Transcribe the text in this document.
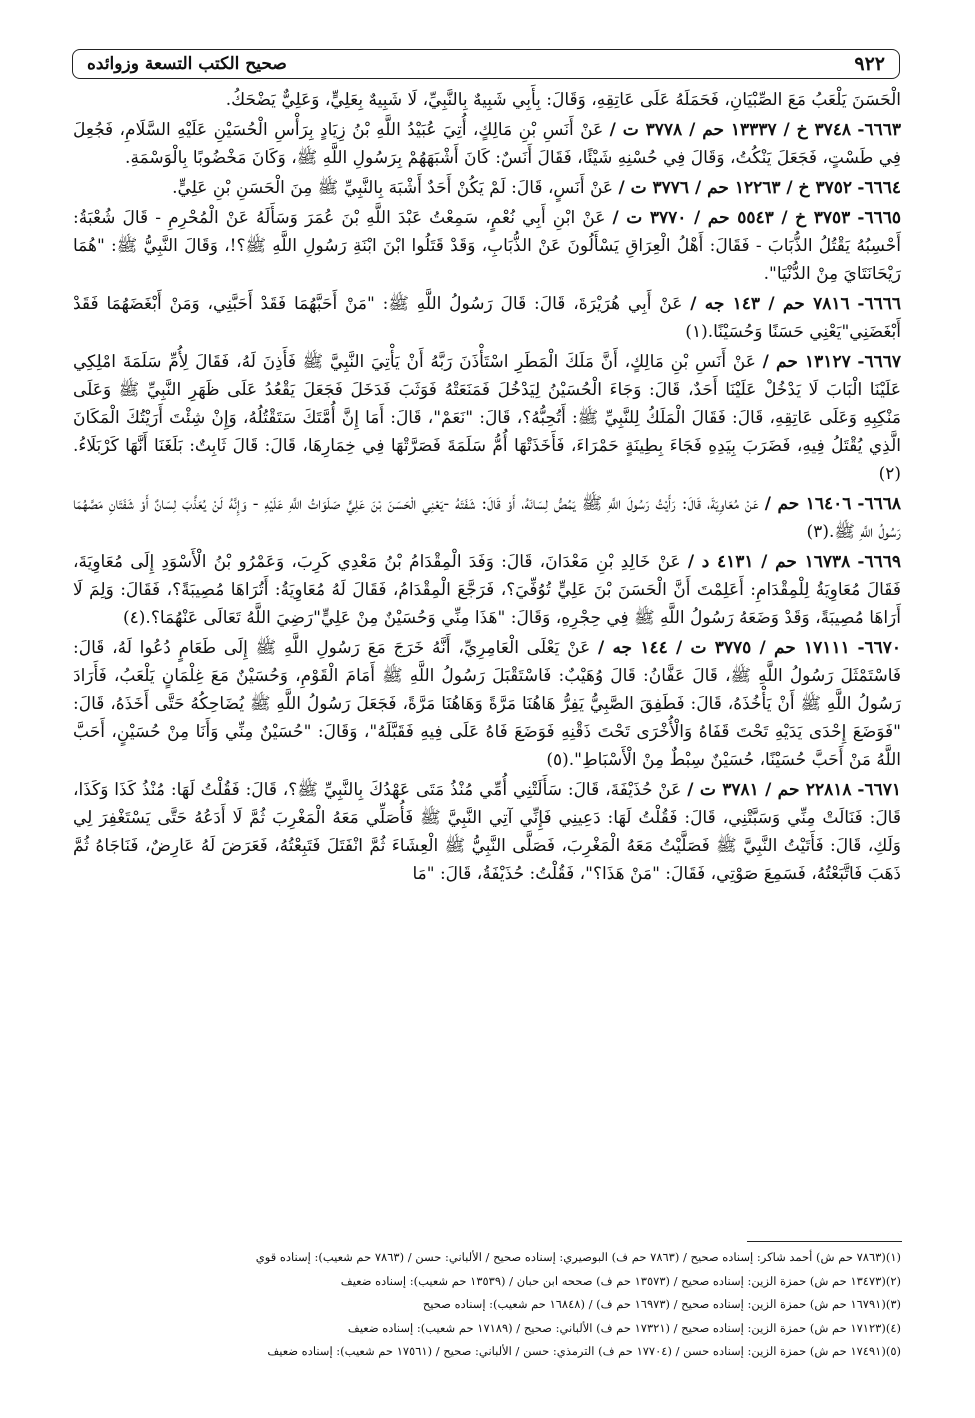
٩٢٢
صحيح الكتب التسعة وزوائده

الْحَسَنَ يَلْعَبُ مَعَ الصِّبْيَانِ، فَحَمَلَهُ عَلَى عَاتِقِهِ، وَقَالَ: بِأَبِي شَبِيهٌ بِالنَّبِيِّ، لَا شَبِيهٌ بِعَلِيٍّ، وَعَلِيٌّ يَضْحَكُ.

٦٦٦٣- ٣٧٤٨ خ / ١٣٣٣٧ حم / ٣٧٧٨ ت / عَنْ أَنَسِ بْنِ مَالِكٍ، أُتِيَ عُبَيْدُ اللَّهِ بْنُ زِيَادٍ بِرَأْسِ الْحُسَيْنِ عَلَيْهِ السَّلَامِ، فَجُعِلَ فِي طَسْتٍ، فَجَعَلَ يَنْكُتُ، وَقَالَ فِي حُسْنِهِ شَيْئًا، فَقَالَ أَنَسٌ: كَانَ أَشْبَهَهُمْ بِرَسُولِ اللَّهِ ﷺ، وَكَانَ مَخْضُوبًا بِالْوَسْمَةِ.

٦٦٦٤- ٣٧٥٢ خ / ١٢٢٦٣ حم / ٣٧٧٦ ت / عَنْ أَنَسٍ، قَالَ: لَمْ يَكُنْ أَحَدٌ أَشْبَهَ بِالنَّبِيِّ ﷺ مِنَ الْحَسَنِ بْنِ عَلِيٍّ.

٦٦٦٥- ٣٧٥٣ خ / ٥٥٤٣ حم / ٣٧٧٠ ت / عَنْ ابْنِ أَبِي نُعْمٍ، سَمِعْتُ عَبْدَ اللَّهِ بْنَ عُمَرَ وَسَأَلَهُ عَنْ الْمُحْرِمِ - قَالَ شُعْبَةُ: أَحْسِبُهُ يَقْتُلُ الذُّبَابَ - فَقَالَ: أَهْلُ الْعِرَاقِ يَسْأَلُونَ عَنْ الذُّبَابِ، وَقَدْ قَتَلُوا ابْنَ ابْنَةِ رَسُولِ اللَّهِ ﷺ؟!، وَقَالَ النَّبِيُّ ﷺ: "هُمَا رَيْحَانَتَايَ مِنْ الدُّنْيَا".

٦٦٦٦- ٧٨١٦ حم / ١٤٣ جه / عَنْ أَبِي هُرَيْرَةَ، قَالَ: قَالَ رَسُولُ اللَّهِ ﷺ: "مَنْ أَحَبَّهُمَا فَقَدْ أَحَبَّنِي، وَمَنْ أَبْغَضَهُمَا فَقَدْ أَبْغَضَنِي"يَعْنِي حَسَنًا وَحُسَيْنًا.(١)

٦٦٦٧- ١٣١٢٧ حم / عَنْ أَنَسِ بْنِ مَالِكٍ، أَنَّ مَلَكَ الْمَطَرِ اسْتَأْذَنَ رَبَّهُ أَنْ يَأْتِيَ النَّبِيَّ ﷺ فَأَذِنَ لَهُ، فَقَالَ لِأُمِّ سَلَمَةَ امْلِكِي عَلَيْنَا الْبَابَ لَا يَدْخُلْ عَلَيْنَا أَحَدٌ، قَالَ: وَجَاءَ الْحُسَيْنُ لِيَدْخُلَ فَمَنَعَتْهُ فَوَثَبَ فَدَخَلَ فَجَعَلَ يَقْعُدُ عَلَى ظَهَرِ النَّبِيِّ ﷺ وَعَلَى مَنْكِبِهِ وَعَلَى عَاتِقِهِ، قَالَ: فَقَالَ الْمَلَكُ لِلنَّبِيِّ ﷺ: أَتُحِبُّهُ؟، قَالَ: "نَعَمْ"، قَالَ: أَمَا إِنَّ أُمَّتَكَ سَتَقْتُلُهُ، وَإِنْ شِئْتَ أَرَيْتُكَ الْمَكَانَ الَّذِي يُقْتَلُ فِيهِ، فَضَرَبَ بِيَدِهِ فَجَاءَ بِطِينَةٍ حَمْرَاءَ، فَأَخَذَتْهَا أُمُّ سَلَمَةَ فَصَرَّتْهَا فِي خِمَارِهَا، قَالَ: قَالَ ثَابِتٌ: بَلَغَنَا أَنَّهَا كَرْبَلَاءُ.(٢)

٦٦٦٨- ١٦٤٠٦ حم / عَنْ مُعَاوِيَةَ، قَالَ: رَأَيْتُ رَسُولَ اللَّهِ ﷺ يَمُصُّ لِسَانَهُ، أَوْ قَالَ: شَفَتَهُ -يَعْنِي الْحَسَنَ بْنَ عَلِيٍّ صَلَوَاتُ اللَّهِ عَلَيْهِ - وَإِنَّهُ لَنْ يُعَذَّبَ لِسَانٌ أَوْ شَفَتَانِ مَصَّهُمَا رَسُولُ اللَّهِ ﷺ.(٣)

٦٦٦٩- ١٦٧٣٨ حم / ٤١٣١ د / عَنْ خَالِدِ بْنِ مَعْدَانَ، قَالَ: وَفَدَ الْمِقْدَامُ بْنُ مَعْدِي كَرِبَ، وَعَمْرُو بْنُ الْأَسْوَدِ إِلَى مُعَاوِيَةَ، فَقَالَ مُعَاوِيَةُ لِلْمِقْدَامِ: أَعَلِمْتَ أَنَّ الْحَسَنَ بْنَ عَلِيٍّ تُوُفِّيَ؟، فَرَجَّعَ الْمِقْدَامُ، فَقَالَ لَهُ مُعَاوِيَةُ: أَتُرَاهَا مُصِيبَةً؟، فَقَالَ: وَلِمَ لَا أَرَاهَا مُصِيبَةً، وَقَدْ وَضَعَهُ رَسُولُ اللَّهِ ﷺ فِي حِجْرِهِ، وَقَالَ: "هَذَا مِنِّي وَحُسَيْنٌ مِنْ عَلِيٍّ"رَضِيَ اللَّهُ تَعَالَى عَنْهُمَا؟.(٤)

٦٦٧٠- ١٧١١١ حم / ٣٧٧٥ ت / ١٤٤ جه / عَنْ يَعْلَى الْعَامِرِيِّ، أَنَّهُ خَرَجَ مَعَ رَسُولِ اللَّهِ ﷺ إِلَى طَعَامٍ دُعُوا لَهُ، قَالَ: فَاسْتَمْثَلَ رَسُولُ اللَّهِ ﷺ، قَالَ عَفَّانُ: قَالَ وُهَيْبٌ: فَاسْتَقْبَلَ رَسُولُ اللَّهِ ﷺ أَمَامَ الْقَوْمِ، وَحُسَيْنٌ مَعَ غِلْمَانٍ يَلْعَبُ، فَأَرَادَ رَسُولُ اللَّهِ ﷺ أَنْ يَأْخُذَهُ، قَالَ: فَطَفِقَ الصَّبِيُّ يَفِرُّ هَاهُنَا مَرَّةً وَهَاهُنَا مَرَّةً، فَجَعَلَ رَسُولُ اللَّهِ ﷺ يُضَاحِكُهُ حَتَّى أَخَذَهُ، قَالَ: "فَوَضَعَ إِحْدَى يَدَيْهِ تَحْتَ قَفَاهُ وَالْأُخْرَى تَحْتَ ذَقْنِهِ فَوَضَعَ فَاهُ عَلَى فِيهِ فَقَبَّلَهُ"، وَقَالَ: "حُسَيْنٌ مِنِّي وَأَنَا مِنْ حُسَيْنٍ، أَحَبَّ اللَّهُ مَنْ أَحَبَّ حُسَيْنًا، حُسَيْنٌ سِبْطٌ مِنْ الْأَسْبَاطِ".(٥)

٦٦٧١- ٢٢٨١٨ حم / ٣٧٨١ ت / عَنْ حُذَيْفَةَ، قَالَ: سَأَلَتْنِي أُمِّي مُنْذُ مَتَى عَهْدُكَ بِالنَّبِيِّ ﷺ؟، قَالَ: فَقُلْتُ لَهَا: مُنْذُ كَذَا وَكَذَا، قَالَ: فَنَالَتْ مِنِّي وَسَبَّتْنِي، قَالَ: فَقُلْتُ لَهَا: دَعِينِي فَإِنِّي آتِي النَّبِيَّ ﷺ فَأُصَلِّي مَعَهُ الْمَغْرِبَ ثُمَّ لَا أَدَعُهُ حَتَّى يَسْتَغْفِرَ لِي وَلَكِ، قَالَ: فَأَتَيْتُ النَّبِيَّ ﷺ فَصَلَّيْتُ مَعَهُ الْمَغْرِبَ، فَصَلَّى النَّبِيُّ ﷺ الْعِشَاءَ ثُمَّ انْفَتَلَ فَتَبِعْتُهُ، فَعَرَضَ لَهُ عَارِضٌ، فَنَاجَاهُ ثُمَّ ذَهَبَ فَاتَّبَعْتُهُ، فَسَمِعَ صَوْتِي، فَقَالَ: "مَنْ هَذَا؟"، فَقُلْتُ: حُذَيْفَةُ، قَالَ: "مَا

(١)(٧٨٦٣ حم ش) أحمد شاكر: إسناده صحيح / (٧٨٦٣ حم ف) البوصيري: إسناده صحيح / الألباني: حسن / (٧٨٦٣ حم شعيب): إسناده قوي
(٢)(١٣٤٧٣ حم ش) حمزة الزين: إسناده صحيح / (١٣٥٧٣ حم ف) صححه ابن حبان / (١٣٥٣٩ حم شعيب): إسناده ضعيف
(٣)(١٦٧٩١ حم ش) حمزة الزين: إسناده صحيح / (١٦٩٧٣ حم ف) / (١٦٨٤٨ حم شعيب): إسناده صحيح
(٤)(١٧١٢٣ حم ش) حمزة الزين: إسناده صحيح / (١٧٣٢١ حم ف) الألباني: صحيح / (١٧١٨٩ حم شعيب): إسناده ضعيف
(٥)(١٧٤٩١ حم ش) حمزة الزين: إسناده حسن / (١٧٧٠٤ حم ف) الترمذي: حسن / الألباني: صحيح / (١٧٥٦١ حم شعيب): إسناده ضعيف
